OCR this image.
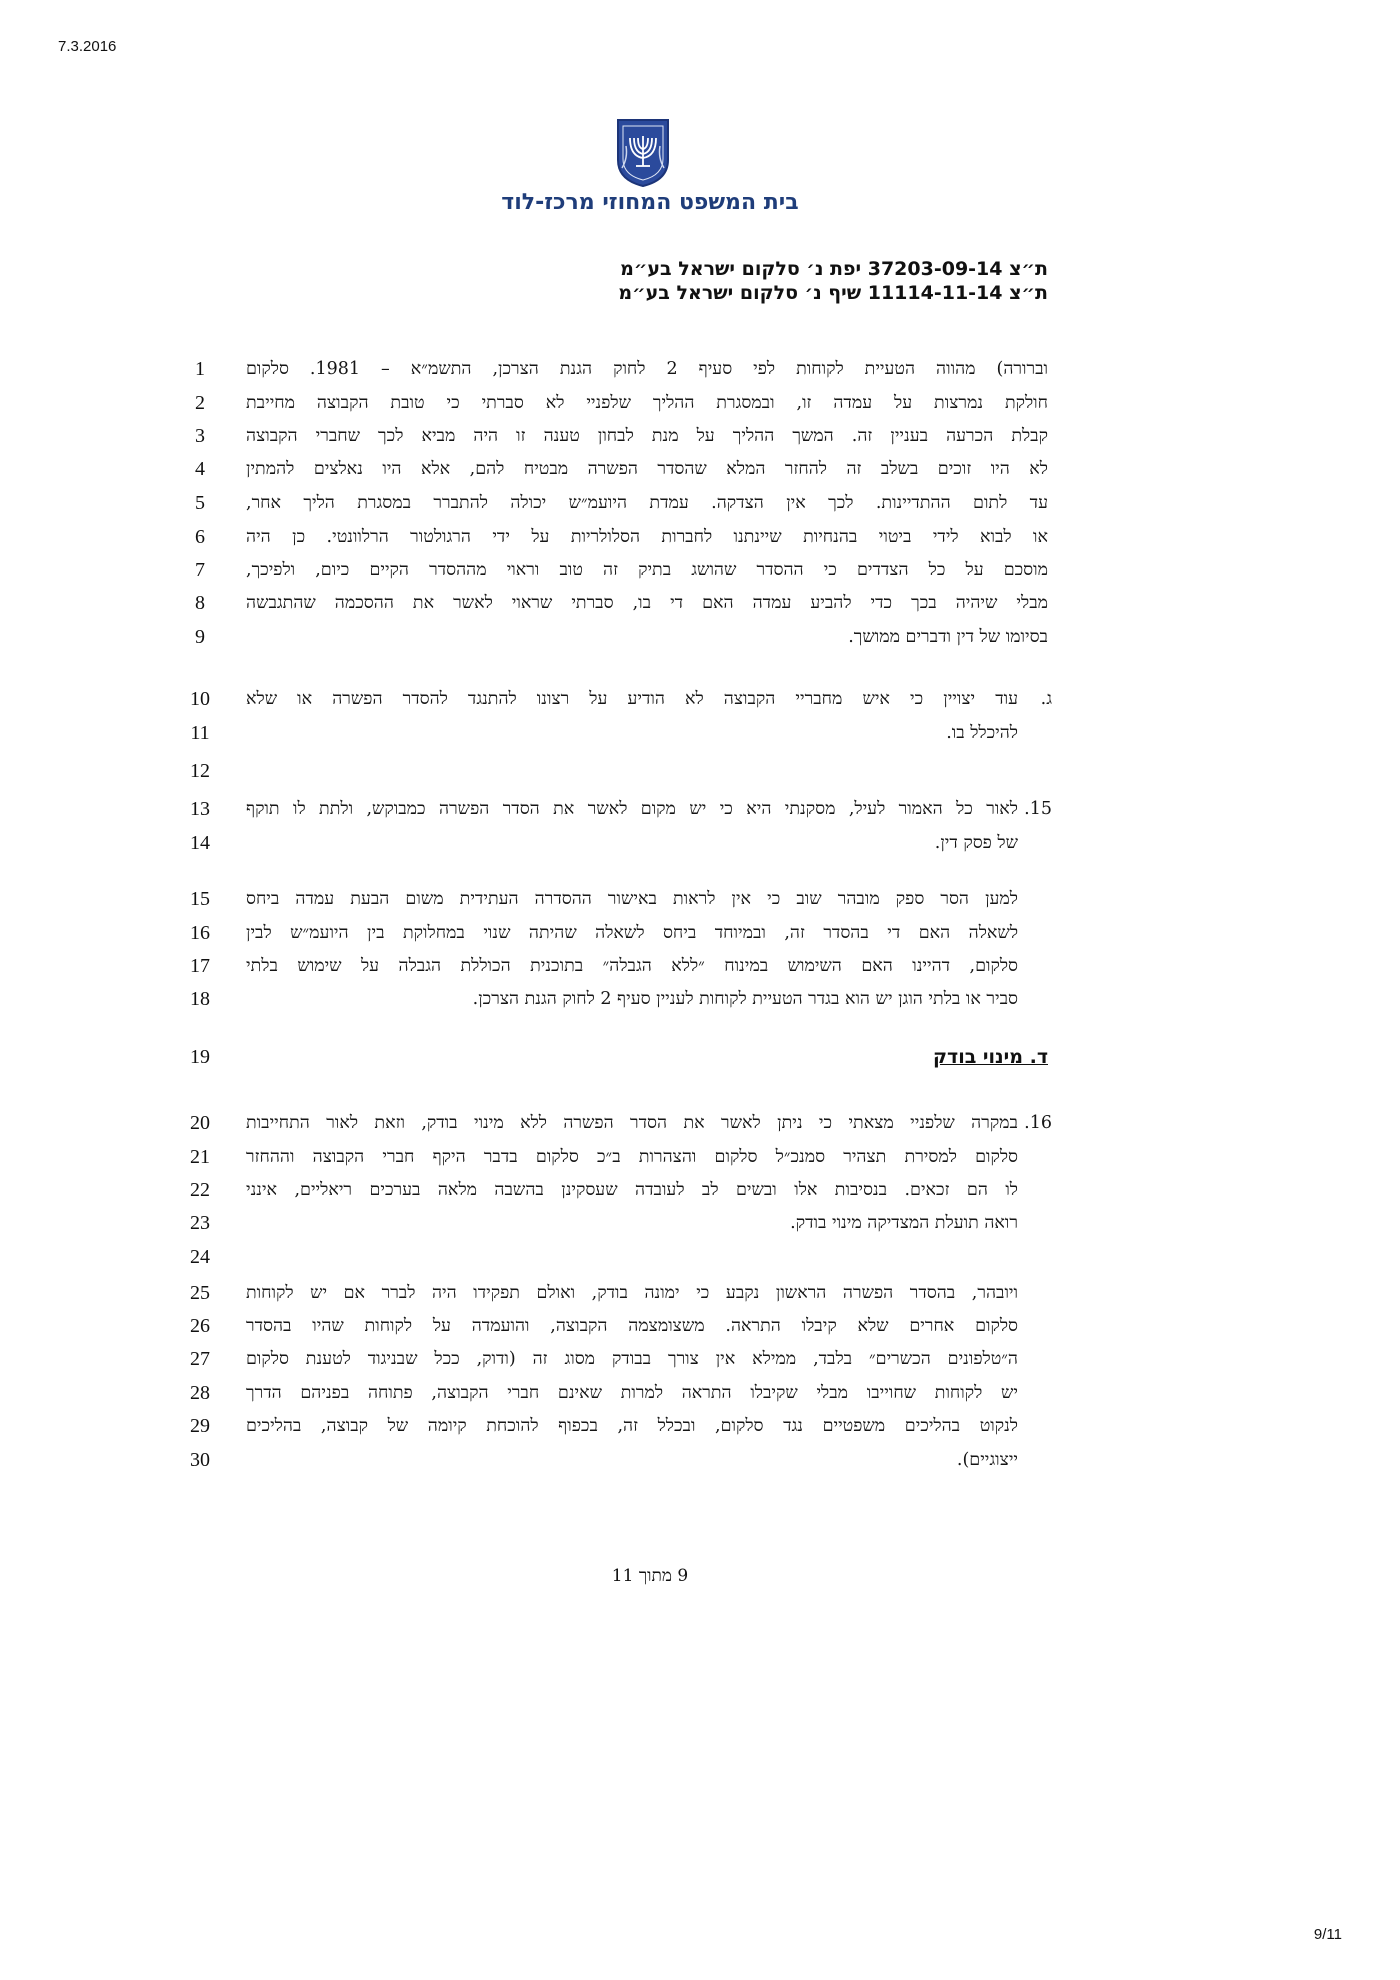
7.3.2016
בית המשפט המחוזי מרכז-לוד
ת״צ 37203-09-14 יפת נ׳ סלקום ישראל בע״מ
ת״צ 11114-11-14 שיף נ׳ סלקום ישראל בע״מ
1
2
3
4
5
6
7
8
9
10
11
12
13
14
15
16
17
18
19
20
21
22
23
24
25
26
27
28
29
30
וברורה) מהווה הטעיית לקוחות לפי סעיף 2 לחוק הגנת הצרכן, התשמ״א – 1981. סלקום
חולקת נמרצות על עמדה זו, ובמסגרת ההליך שלפניי לא סברתי כי טובת הקבוצה מחייבת
קבלת הכרעה בעניין זה. המשך ההליך על מנת לבחון טענה זו היה מביא לכך שחברי הקבוצה
לא היו זוכים בשלב זה להחזר המלא שהסדר הפשרה מבטיח להם, אלא היו נאלצים להמתין
עד לתום ההתדיינות. לכך אין הצדקה. עמדת היועמ״ש יכולה להתברר במסגרת הליך אחר,
או לבוא לידי ביטוי בהנחיות שיינתנו לחברות הסלולריות על ידי הרגולטור הרלוונטי. כן היה
מוסכם על כל הצדדים כי ההסדר שהושג בתיק זה טוב וראוי מההסדר הקיים כיום, ולפיכך,
מבלי שיהיה בכך כדי להביע עמדה האם די בו, סברתי שראוי לאשר את ההסכמה שהתגבשה
בסיומו של דין ודברים ממושך.
ג.
עוד יצויין כי איש מחבריי הקבוצה לא הודיע על רצונו להתנגד להסדר הפשרה או שלא
להיכלל בו.
15.
לאור כל האמור לעיל, מסקנתי היא כי יש מקום לאשר את הסדר הפשרה כמבוקש, ולתת לו תוקף
של פסק דין.
למען הסר ספק מובהר שוב כי אין לראות באישור ההסדרה העתידית משום הבעת עמדה ביחס
לשאלה האם די בהסדר זה, ובמיוחד ביחס לשאלה שהיתה שנוי במחלוקת בין היועמ״ש לבין
סלקום, דהיינו האם השימוש במינוח ״ללא הגבלה״ בתוכנית הכוללת הגבלה על שימוש בלתי
סביר או בלתי הוגן יש הוא בגדר הטעיית לקוחות לעניין סעיף 2 לחוק הגנת הצרכן.
ד. מינוי בודק
16.
במקרה שלפניי מצאתי כי ניתן לאשר את הסדר הפשרה ללא מינוי בודק, וזאת לאור התחייבות
סלקום למסירת תצהיר סמנכ״ל סלקום והצהרות ב״כ סלקום בדבר היקף חברי הקבוצה וההחזר
לו הם זכאים. בנסיבות אלו ובשים לב לעובדה שעסקינן בהשבה מלאה בערכים ריאליים, אינני
רואה תועלת המצדיקה מינוי בודק.
ויובהר, בהסדר הפשרה הראשון נקבע כי ימונה בודק, ואולם תפקידו היה לברר אם יש לקוחות
סלקום אחרים שלא קיבלו התראה. משצומצמה הקבוצה, והועמדה על לקוחות שהיו בהסדר
ה״טלפונים הכשרים״ בלבד, ממילא אין צורך בבודק מסוג זה (ודוק, ככל שבניגוד לטענת סלקום
יש לקוחות שחוייבו מבלי שקיבלו התראה למרות שאינם חברי הקבוצה, פתוחה בפניהם הדרך
לנקוט בהליכים משפטיים נגד סלקום, ובכלל זה, בכפוף להוכחת קיומה של קבוצה, בהליכים
ייצוגיים).
9 מתוך 11
9/11
